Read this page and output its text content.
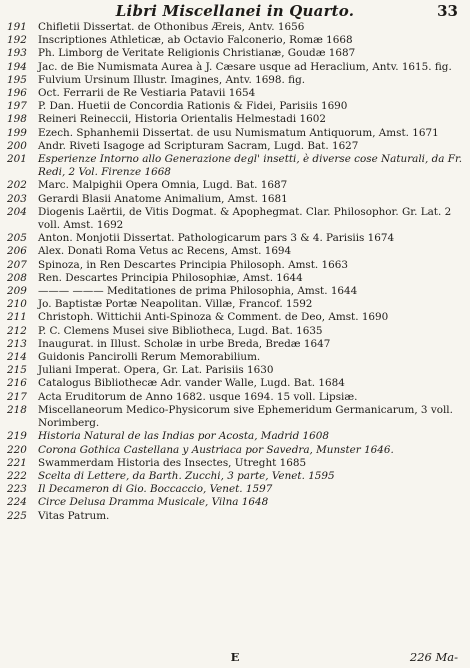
Libri Miscellanei in Quarto.	33
191	Chifletii Dissertat. de Othonibus Æreis, Antv. 1656
192	Inscriptiones Athleticæ, ab Octavio Falconerio, Romæ 1668
193	Ph. Limborg de Veritate Religionis Christianæ, Goudæ 1687
194	Jac. de Bie Numismata Aurea à J. Cæsare usque ad Heraclium, Antv. 1615. fig.
195	Fulvium Ursinum Illustr. Imagines, Antv. 1698. fig.
196	Oct. Ferrarii de Re Vestiaria Patavii 1654
197	P. Dan. Huetii de Concordia Rationis & Fidei, Parisiis 1690
198	Reineri Reineccii, Historia Orientalis Helmestadi 1602
199	Ezech. Sphanhemii Dissertat. de usu Numismatum Antiquorum, Amst. 1671
200	Andr. Riveti Isagoge ad Scripturam Sacram, Lugd. Bat. 1627
201	Esperienze Intorno allo Generazione degl' insetti, è diverse cose Naturali, da Fr. Redi, 2 Vol. Firenze 1668
202	Marc. Malpighii Opera Omnia, Lugd. Bat. 1687
203	Gerardi Blasii Anatome Animalium, Amst. 1681
204	Diogenis Laërtii, de Vitis Dogmat. & Apophegmat. Clar. Philosophor. Gr. Lat. 2 voll. Amst. 1692
205	Anton. Monjotii Dissertat. Pathologicarum pars 3 & 4. Parisiis 1674
206	Alex. Donati Roma Vetus ac Recens, Amst. 1694
207	Spinoza, in Ren Descartes Principia Philosoph. Amst. 1663
208	Ren. Descartes Principia Philosophiæ, Amst. 1644
209	——— ——— Meditationes de prima Philosophia, Amst. 1644
210	Jo. Baptistæ Portæ Neapolitan. Villæ, Francof. 1592
211	Christoph. Wittichii Anti-Spinoza & Comment. de Deo, Amst. 1690
212	P. C. Clemens Musei sive Bibliotheca, Lugd. Bat. 1635
213	Inaugurat. in Illust. Scholæ in urbe Breda, Bredæ 1647
214	Guidonis Pancirolli Rerum Memorabilium.
215	Juliani Imperat. Opera, Gr. Lat. Parisiis 1630
216	Catalogus Bibliothecæ Adr. vander Walle, Lugd. Bat. 1684
217	Acta Eruditorum de Anno 1682. usque 1694. 15 voll. Lipsiæ.
218	Miscellaneorum Medico-Physicorum sive Ephemeridum Germanicarum, 3 voll. Norimberg.
219	Historia Natural de las Indias por Acosta, Madrid 1608
220	Corona Gothica Castellana y Austriaca por Savedra, Munster 1646.
221	Swammerdam Historia des Insectes, Utreght 1685
222	Scelta di Lettere, da Barth. Zucchi, 3 parte, Venet. 1595
223	Il Decameron di Gio. Boccaccio, Venet. 1597
224	Circe Delusa Dramma Musicale, Vilna 1648
225	Vitas Patrum.
E	226 Ma-
